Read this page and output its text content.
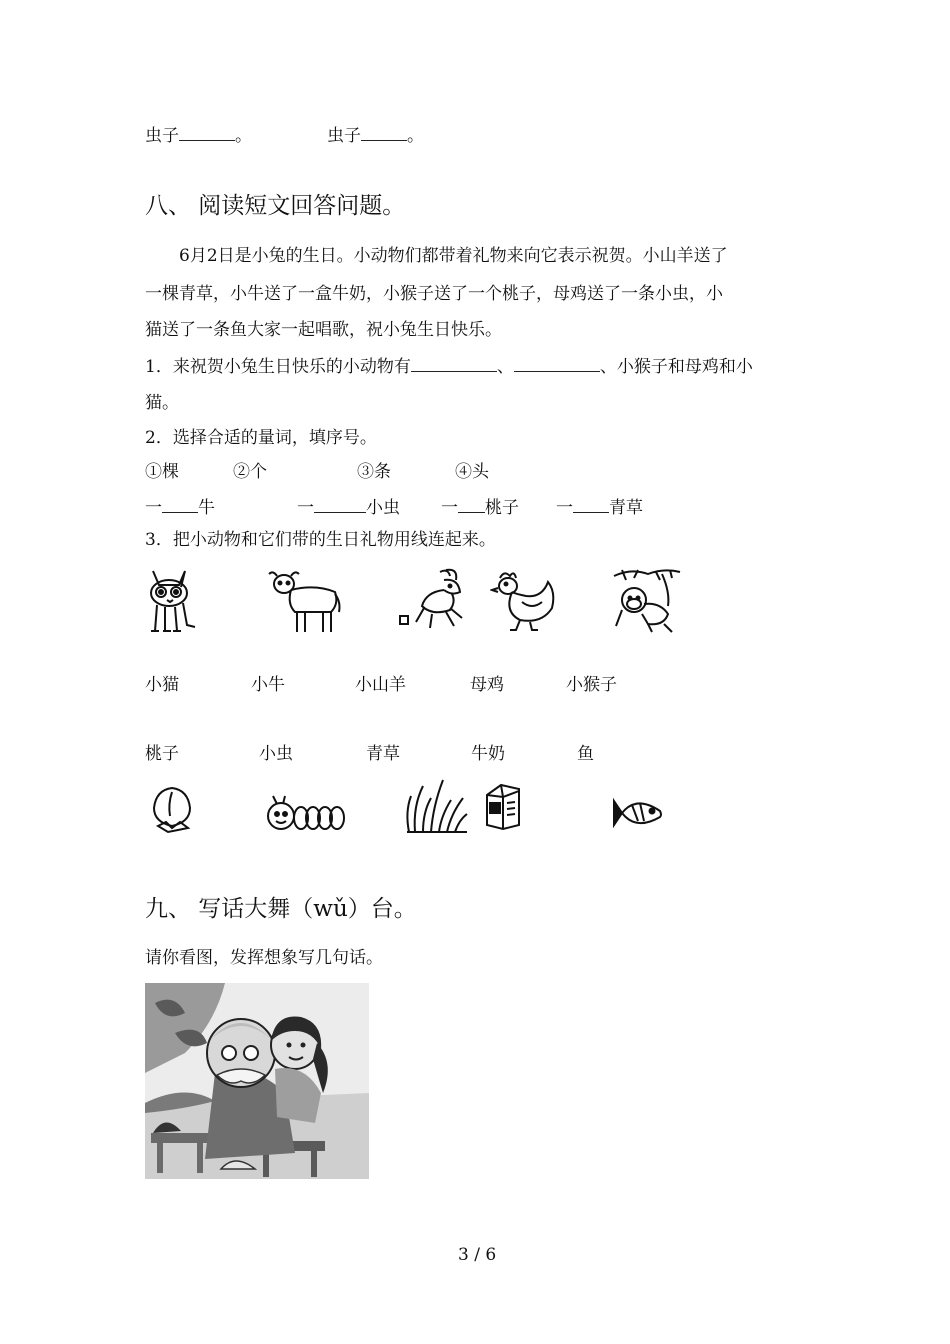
虫子	。	虫子	。
八、 阅读短文回答问题。
6月2日是小兔的生日。小动物们都带着礼物来向它表示祝贺。小山羊送了
一棵青草，小牛送了一盒牛奶，小猴子送了一个桃子，母鸡送了一条小虫，小
猫送了一条鱼大家一起唱歌，祝小兔生日快乐。
1．来祝贺小兔生日快乐的小动物有	、	、小猴子和母鸡和小
猫。
2．选择合适的量词，填序号。
①棵	②个	③条	④头
一 牛	一	小虫 一 桃子 一 青草
3．把小动物和它们带的生日礼物用线连起来。
小猫	小牛	小山羊	母鸡	小猴子
桃子	小虫	青草	牛奶	鱼
九、 写话大舞（wǔ）台。
请你看图，发挥想象写几句话。
3 / 6
